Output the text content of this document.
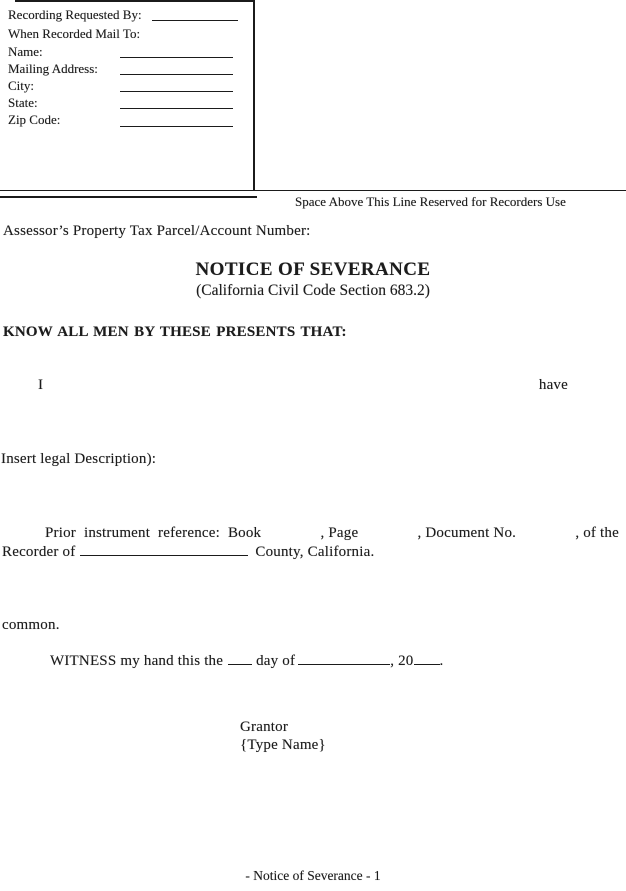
Recording Requested By:
When Recorded Mail To:
Name:
Mailing Address:
City:
State:
Zip Code:
Space Above This Line Reserved for Recorders Use
Assessor’s Property Tax Parcel/Account Number:
NOTICE OF SEVERANCE
(California Civil Code Section 683.2)
KNOW ALL MEN BY THESE PRESENTS THAT:
I	have
Insert legal Description):
Prior instrument reference: Book	, Page	, Document No.	, of the
Recorder of	County, California.
common.
WITNESS my hand this the day of	, 20 .
Grantor
{Type Name}
- Notice of Severance - 1
